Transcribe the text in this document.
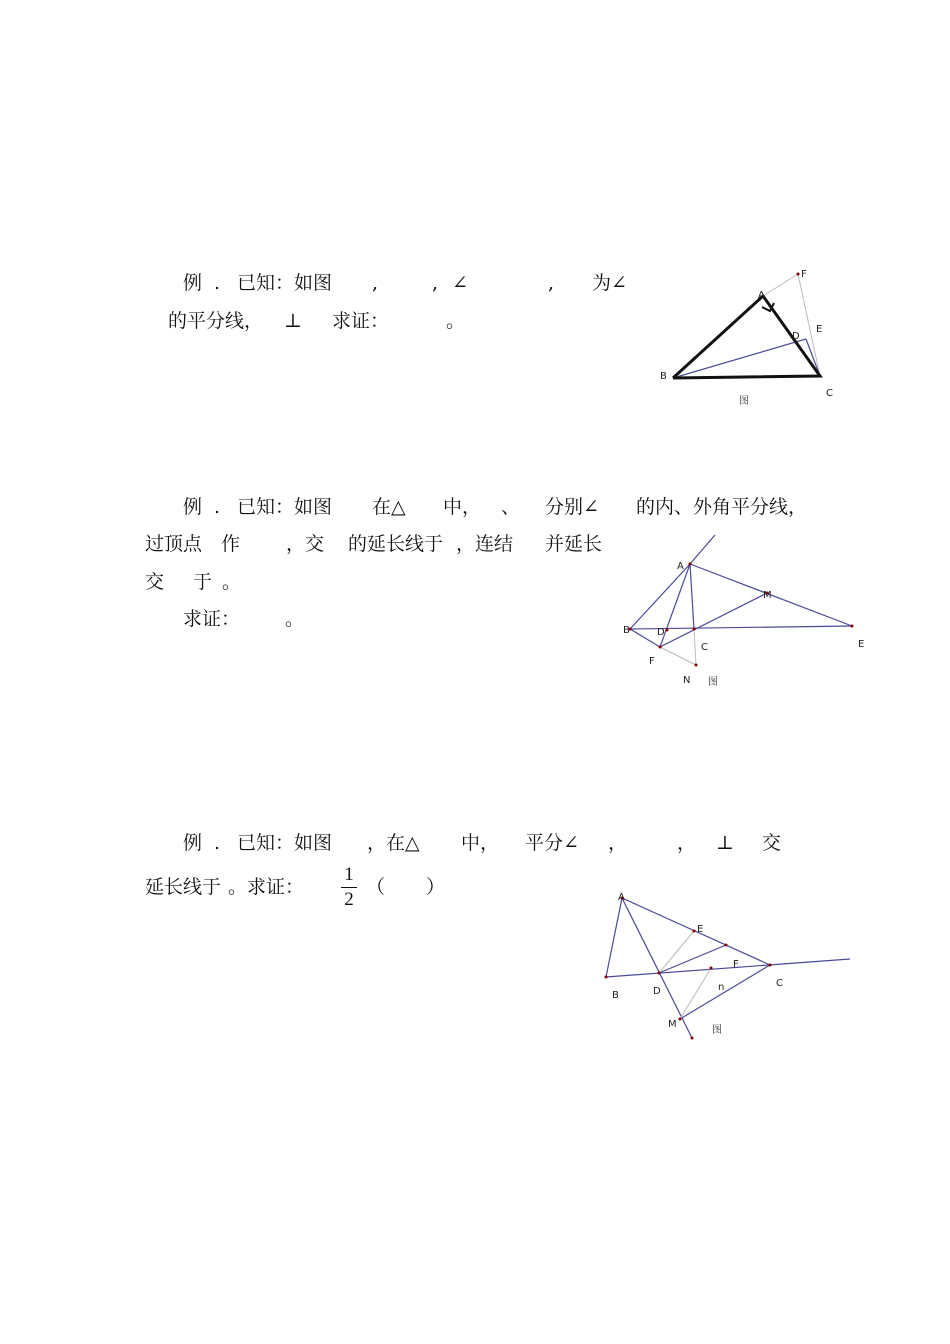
例 . 已知：如图 ,	, ∠	, 为∠
的平分线， ⊥ 求证：	。
F
A
E
D
B
C
图
例 . 已知：如图 在△ 中， 、 分别∠ 的内、外角平分线，
过顶点 作 ，交 的延长线于 ，连结 并延长
交 于 。
求证： 。
A
M
B	D
C	E
F
N 图
例 . 已知：如图 ，在△ 中， 平分∠ ，	， ⊥ 交
延长线于 。求证：
1
2
（ ）	A
E
F
B	D
C
n
M
图
